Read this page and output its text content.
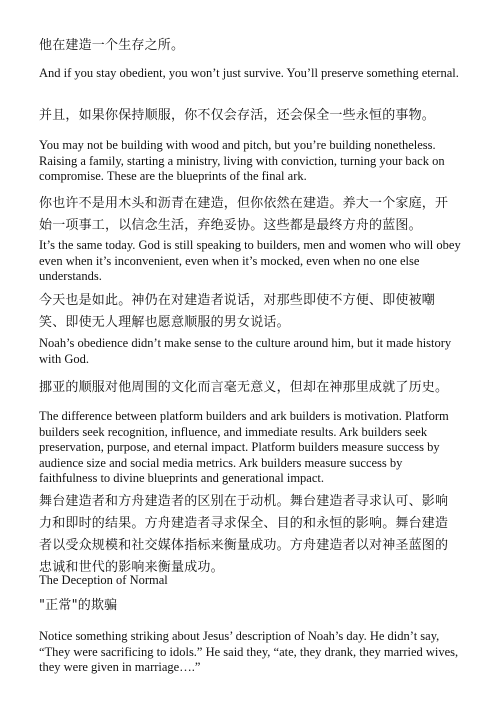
他在建造一个生存之所。

And if you stay obedient, you won’t just survive. You’ll preserve something eternal.

并且，如果你保持顺服，你不仅会存活，还会保全一些永恒的事物。

You may not be building with wood and pitch, but you’re building nonetheless. Raising a family, starting a ministry, living with conviction, turning your back on compromise. These are the blueprints of the final ark.

你也许不是用木头和沥青在建造，但你依然在建造。养大一个家庭，开始一项事工，以信念生活，弃绝妥协。这些都是最终方舟的蓝图。

It’s the same today. God is still speaking to builders, men and women who will obey even when it’s inconvenient, even when it’s mocked, even when no one else understands.

今天也是如此。神仍在对建造者说话，对那些即使不方便、即使被嘲笑、即使无人理解也愿意顺服的男女说话。

Noah’s obedience didn’t make sense to the culture around him, but it made history with God.

挪亚的顺服对他周围的文化而言毫无意义，但却在神那里成就了历史。

The difference between platform builders and ark builders is motivation. Platform builders seek recognition, influence, and immediate results. Ark builders seek preservation, purpose, and eternal impact. Platform builders measure success by audience size and social media metrics. Ark builders measure success by faithfulness to divine blueprints and generational impact.

舞台建造者和方舟建造者的区别在于动机。舞台建造者寻求认可、影响力和即时的结果。方舟建造者寻求保全、目的和永恒的影响。舞台建造者以受众规模和社交媒体指标来衡量成功。方舟建造者以对神圣蓝图的忠诚和世代的影响来衡量成功。

The Deception of Normal

"正常"的欺骗

Notice something striking about Jesus’ description of Noah’s day. He didn’t say, “They were sacrificing to idols.” He said they, “ate, they drank, they married wives, they were given in marriage….”
